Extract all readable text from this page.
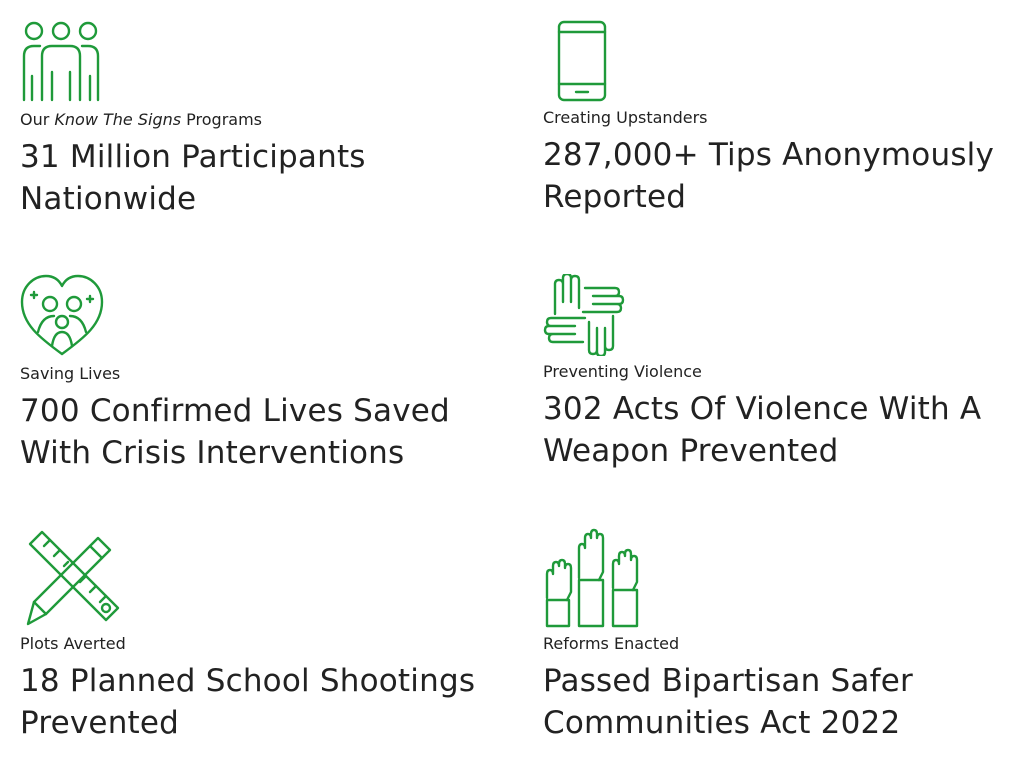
Our Know The Signs Programs
31 Million Participants
Nationwide
Creating Upstanders
287,000+ Tips Anonymously
Reported
Saving Lives
700 Confirmed Lives Saved
With Crisis Interventions
Preventing Violence
302 Acts Of Violence With A
Weapon Prevented
Plots Averted
18 Planned School Shootings
Prevented
Reforms Enacted
Passed Bipartisan Safer
Communities Act 2022
